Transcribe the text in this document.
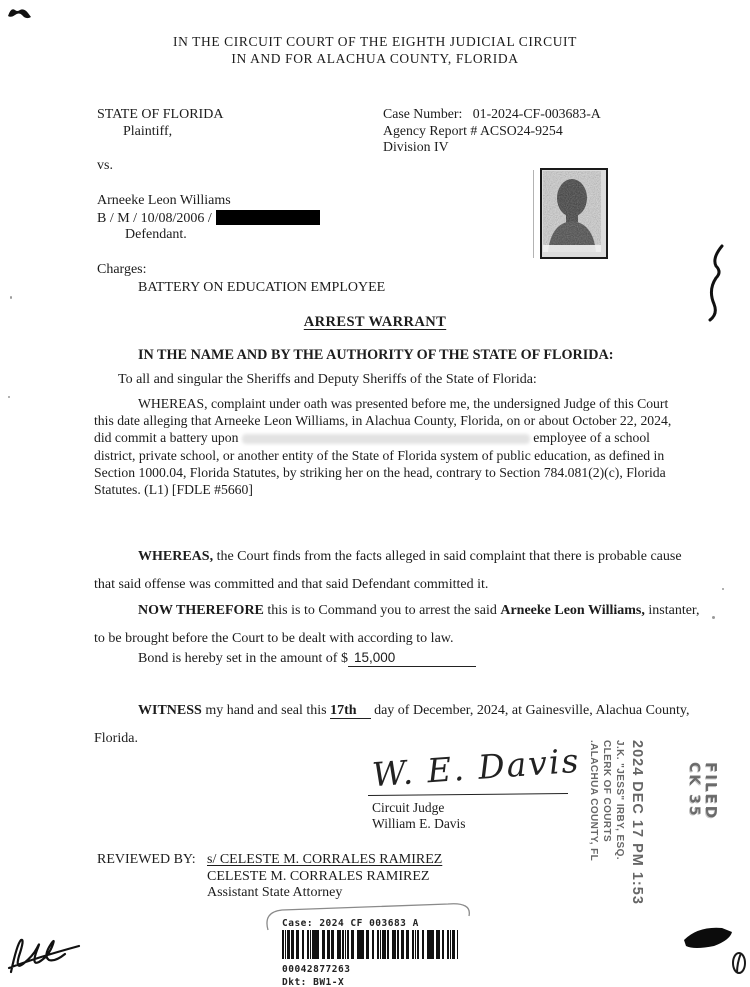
IN THE CIRCUIT COURT OF THE EIGHTH JUDICIAL CIRCUIT
IN AND FOR ALACHUA COUNTY, FLORIDA
STATE OF FLORIDA
Plaintiff,
Case Number: 01-2024-CF-003683-A
Agency Report # ACSO24-9254
Division IV
vs.
Arneeke Leon Williams
B / M / 10/08/2006 /
Defendant.
Charges:
BATTERY ON EDUCATION EMPLOYEE
ARREST WARRANT
IN THE NAME AND BY THE AUTHORITY OF THE STATE OF FLORIDA:
To all and singular the Sheriffs and Deputy Sheriffs of the State of Florida:
WHEREAS, complaint under oath was presented before me, the undersigned Judge of this Court this date alleging that Arneeke Leon Williams, in Alachua County, Florida, on or about October 22, 2024, did commit a battery upon	employee of a school district, private school, or another entity of the State of Florida system of public education, as defined in Section 1000.04, Florida Statutes, by striking her on the head, contrary to Section 784.081(2)(c), Florida Statutes. (L1) [FDLE #5660]
WHEREAS, the Court finds from the facts alleged in said complaint that there is probable cause that said offense was committed and that said Defendant committed it.
NOW THEREFORE this is to Command you to arrest the said Arneeke Leon Williams, instanter, to be brought before the Court to be dealt with according to law.
Bond is hereby set in the amount of $ 15,000
WITNESS my hand and seal this 17th day of December, 2024, at Gainesville, Alachua County, Florida.
W. E. Davis
Circuit Judge
William E. Davis
FILED
CK 35
2024 DEC 17 PM 1:53
J.K. "JESS" IRBY, ESQ.
CLERK OF COURTS
.ALACHUA COUNTY, FL
REVIEWED BY: s/ CELESTE M. CORRALES RAMIREZ
CELESTE M. CORRALES RAMIREZ
Assistant State Attorney
Case: 2024 CF 003683 A
00042877263
Dkt: BW1-X
